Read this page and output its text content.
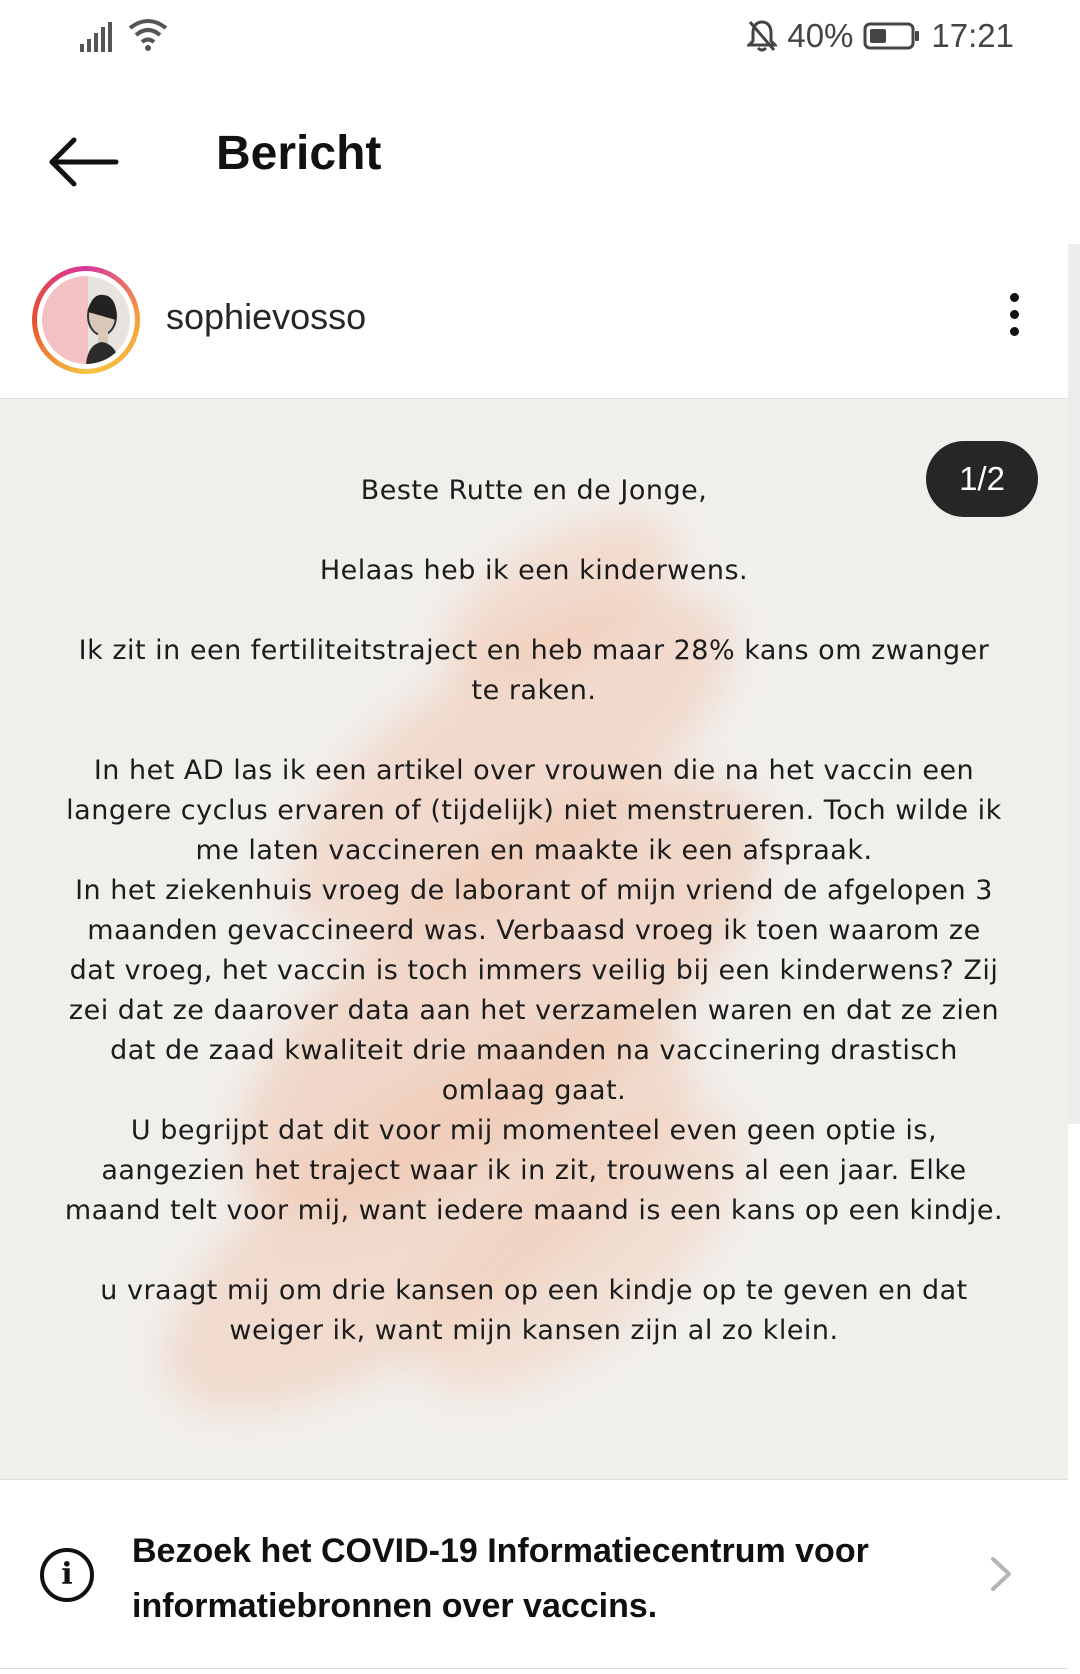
40% 17:21
Bericht
sophievosso
1/2

Beste Rutte en de Jonge,

Helaas heb ik een kinderwens.

Ik zit in een fertiliteitstraject en heb maar 28% kans om zwanger te raken.

In het AD las ik een artikel over vrouwen die na het vaccin een langere cyclus ervaren of (tijdelijk) niet menstrueren. Toch wilde ik me laten vaccineren en maakte ik een afspraak.

In het ziekenhuis vroeg de laborant of mijn vriend de afgelopen 3 maanden gevaccineerd was. Verbaasd vroeg ik toen waarom ze dat vroeg, het vaccin is toch immers veilig bij een kinderwens? Zij zei dat ze daarover data aan het verzamelen waren en dat ze zien dat de zaad kwaliteit drie maanden na vaccinering drastisch omlaag gaat.

U begrijpt dat dit voor mij momenteel even geen optie is, aangezien het traject waar ik in zit, trouwens al een jaar. Elke maand telt voor mij, want iedere maand is een kans op een kindje.

u vraagt mij om drie kansen op een kindje op te geven en dat weiger ik, want mijn kansen zijn al zo klein.

i
Bezoek het COVID-19 Informatiecentrum voor informatiebronnen over vaccins.
